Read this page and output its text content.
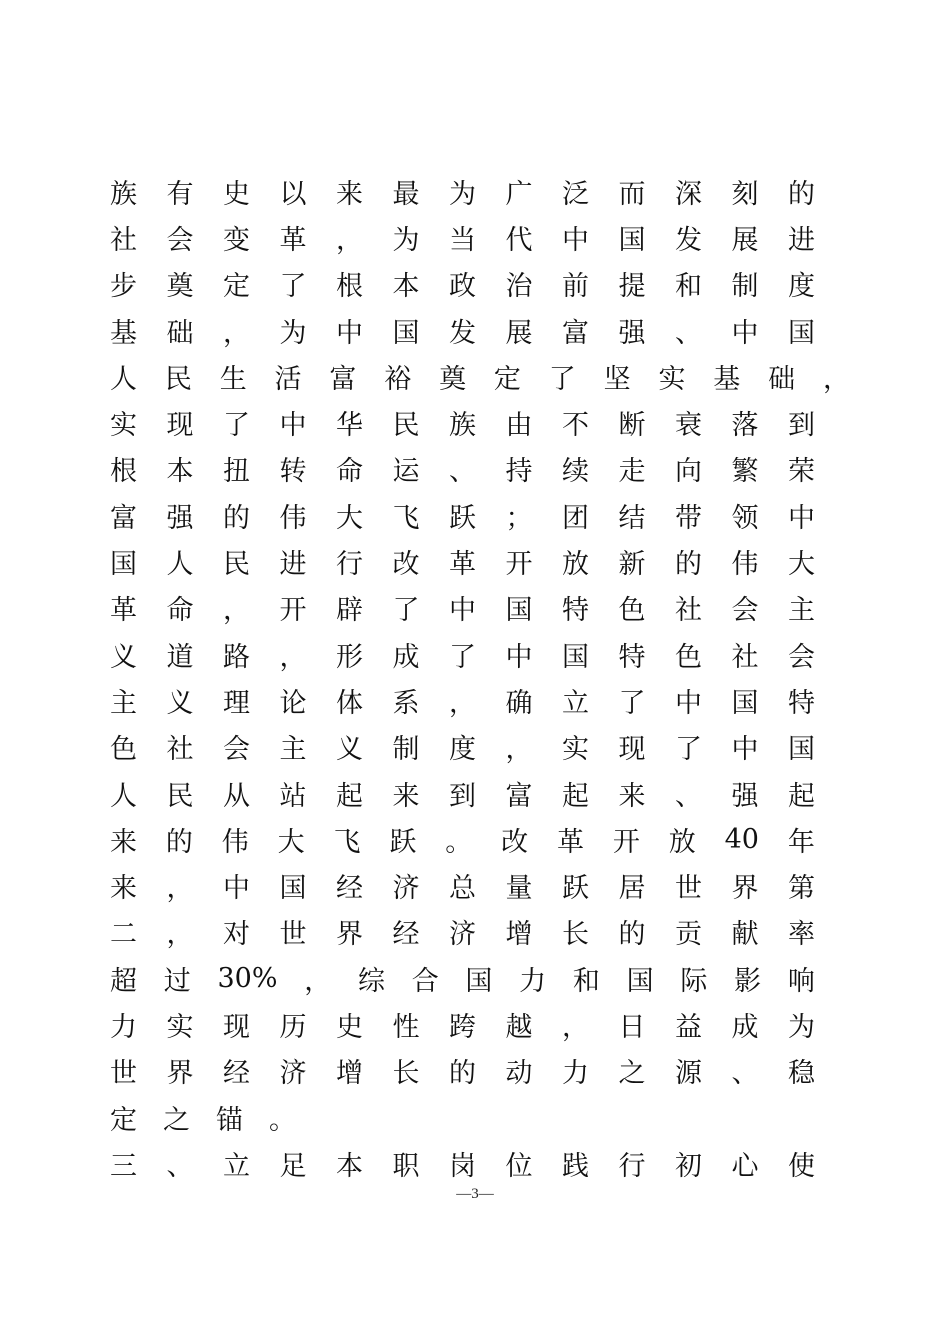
族 有 史 以 来 最 为 广 泛 而 深 刻 的
社 会 变 革 ， 为 当 代 中 国 发 展 进
步 奠 定 了 根 本 政 治 前 提 和 制 度
基 础 ， 为 中 国 发 展 富 强 、 中 国
人 民 生 活 富 裕 奠 定 了 坚 实 基 础 ，
实 现 了 中 华 民 族 由 不 断 衰 落 到
根 本 扭 转 命 运 、 持 续 走 向 繁 荣
富 强 的 伟 大 飞 跃 ； 团 结 带 领 中
国 人 民 进 行 改 革 开 放 新 的 伟 大
革 命 ， 开 辟 了 中 国 特 色 社 会 主
义 道 路 ， 形 成 了 中 国 特 色 社 会
主 义 理 论 体 系 ， 确 立 了 中 国 特
色 社 会 主 义 制 度 ， 实 现 了 中 国
人 民 从 站 起 来 到 富 起 来 、 强 起
来 的 伟 大 飞 跃 。 改 革 开 放 40 年
来 ， 中 国 经 济 总 量 跃 居 世 界 第
二 ， 对 世 界 经 济 增 长 的 贡 献 率
超 过 30% ， 综 合 国 力 和 国 际 影 响
力 实 现 历 史 性 跨 越 ， 日 益 成 为
世 界 经 济 增 长 的 动 力 之 源 、 稳
定 之 锚 。
三 、 立 足 本 职 岗 位 践 行 初 心 使
—3—
